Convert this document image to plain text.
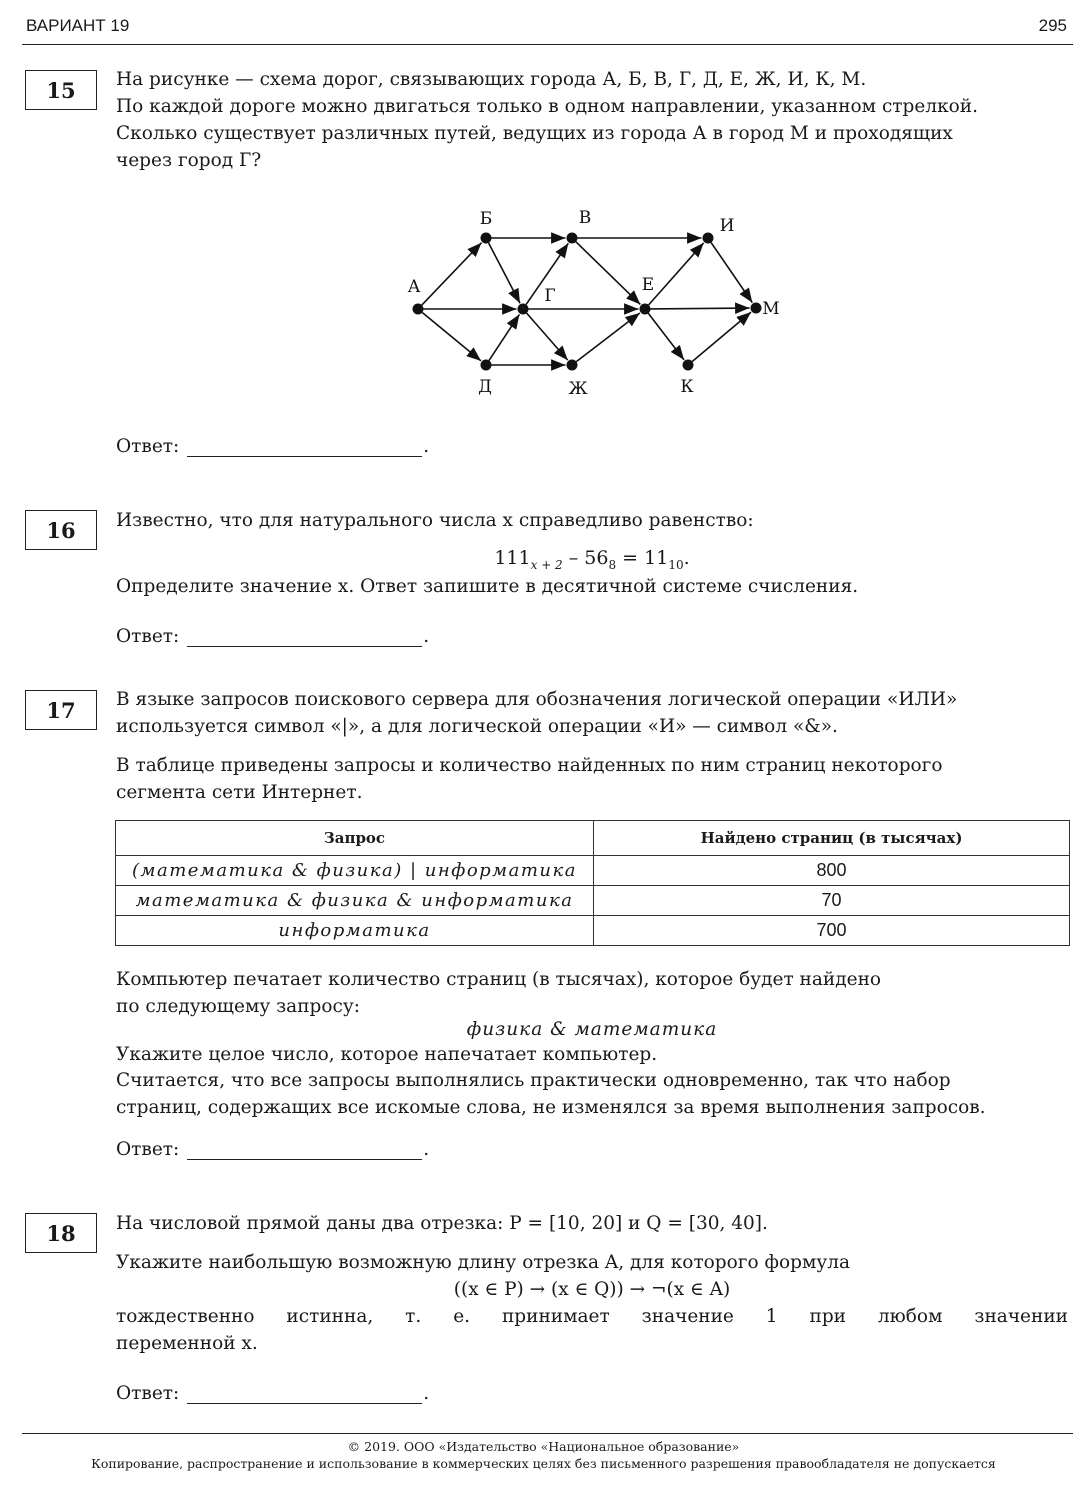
ВАРИАНТ 19	295
15	На рисунке — схема дорог, связывающих города А, Б, В, Г, Д, Е, Ж, И, К, М.
По каждой дороге можно двигаться только в одном направлении, указанном стрелкой.
Сколько существует различных путей, ведущих из города А в город М и проходящих
через город Г?
А
Б	В
Г
Д
Е
Ж
И
К
М
Ответ:	.
16	Известно, что для натурального числа x справедливо равенство:
$111_{x + 2} - 56_8 = 11_{10}$.
Определите значение x. Ответ запишите в десятичной системе счисления.
Ответ:	.
17	В языке запросов поискового сервера для обозначения логической операции «ИЛИ»
используется символ «|», а для логической операции «И» — символ «&».
В таблице приведены запросы и количество найденных по ним страниц некоторого
сегмента сети Интернет.
Запрос	Найдено страниц (в тысячах)
(математика & физика) | информатика	800
математика & физика & информатика	70
информатика	700
Компьютер печатает количество страниц (в тысячах), которое будет найдено
по следующему запросу:
физика & математика
Укажите целое число, которое напечатает компьютер.
Считается, что все запросы выполнялись практически одновременно, так что набор
страниц, содержащих все искомые слова, не изменялся за время выполнения запросов.
Ответ:	.
18	На числовой прямой даны два отрезка: P = [10, 20] и Q = [30, 40].
Укажите наибольшую возможную длину отрезка A, для которого формула
((x ∈ P) → (x ∈ Q)) → ¬(x ∈ A)
тождественно истинна, т. е. принимает значение 1 при любом значении
переменной x.
Ответ:	.
© 2019. ООО «Издательство «Национальное образование»
Копирование, распространение и использование в коммерческих целях без письменного разрешения правообладателя не допускается
